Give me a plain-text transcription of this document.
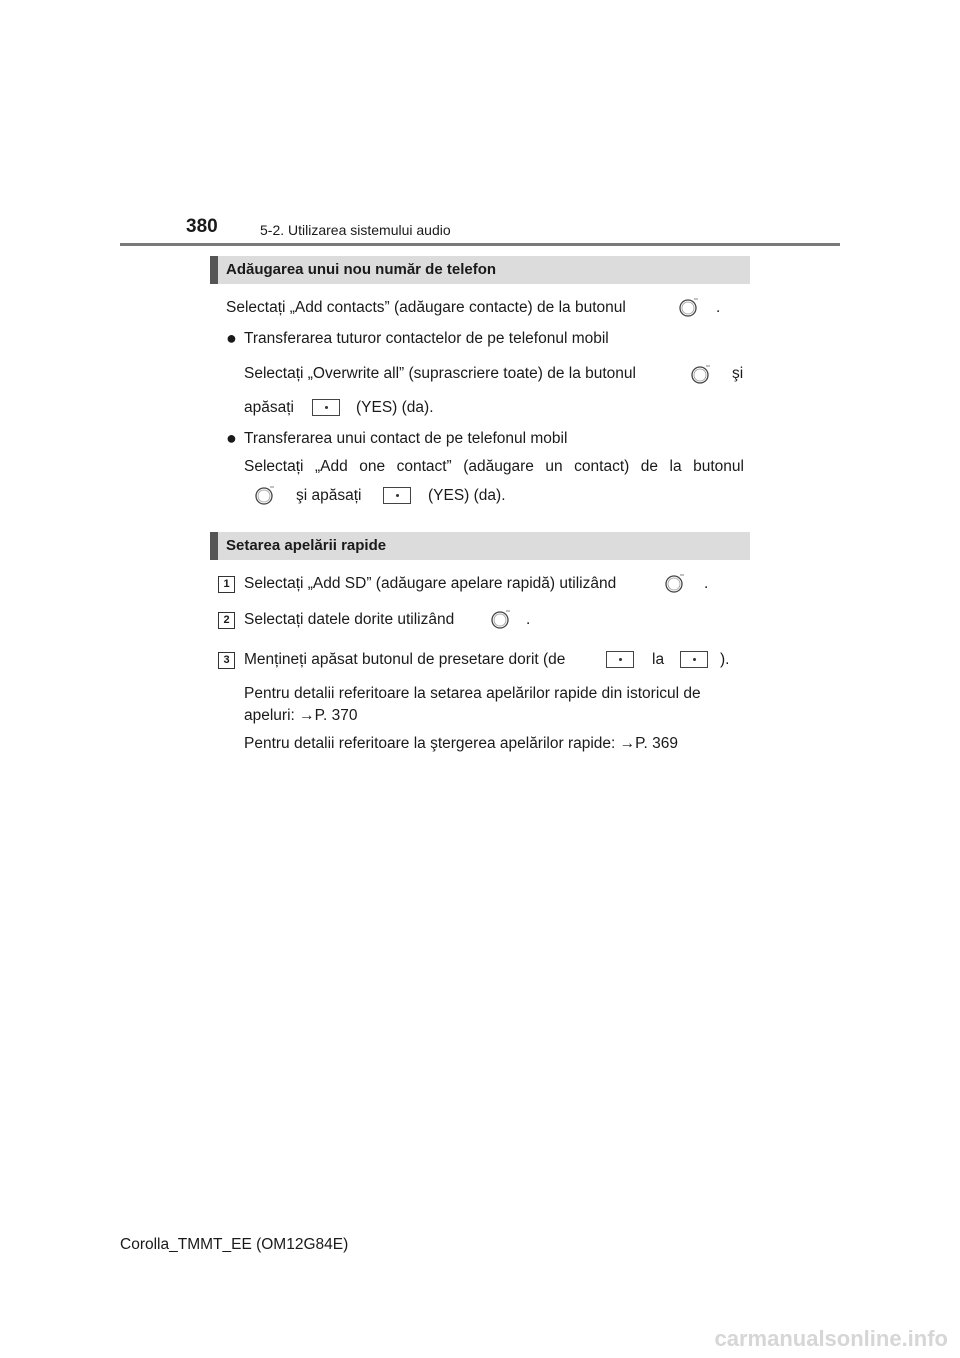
380	5-2. Utilizarea sistemului audio
Adăugarea unui nou număr de telefon
Selectați „Add contacts” (adăugare contacte) de la butonul	.
● Transferarea tuturor contactelor de pe telefonul mobil
Selectați „Overwrite all” (suprascriere toate) de la butonul	şi
apăsați	(YES) (da).
● Transferarea unui contact de pe telefonul mobil
Selectați „Add one contact” (adăugare un contact) de la butonul
şi apăsați	(YES) (da).
Setarea apelării rapide
1 Selectați „Add SD” (adăugare apelare rapidă) utilizând	.
2 Selectați datele dorite utilizând	.
3 Mențineți apăsat butonul de presetare dorit (de	la	).
Pentru detalii referitoare la setarea apelărilor rapide din istoricul de
apeluri: →P. 370
Pentru detalii referitoare la ştergerea apelărilor rapide: →P. 369
Corolla_TMMT_EE (OM12G84E)
carmanualsonline.info
